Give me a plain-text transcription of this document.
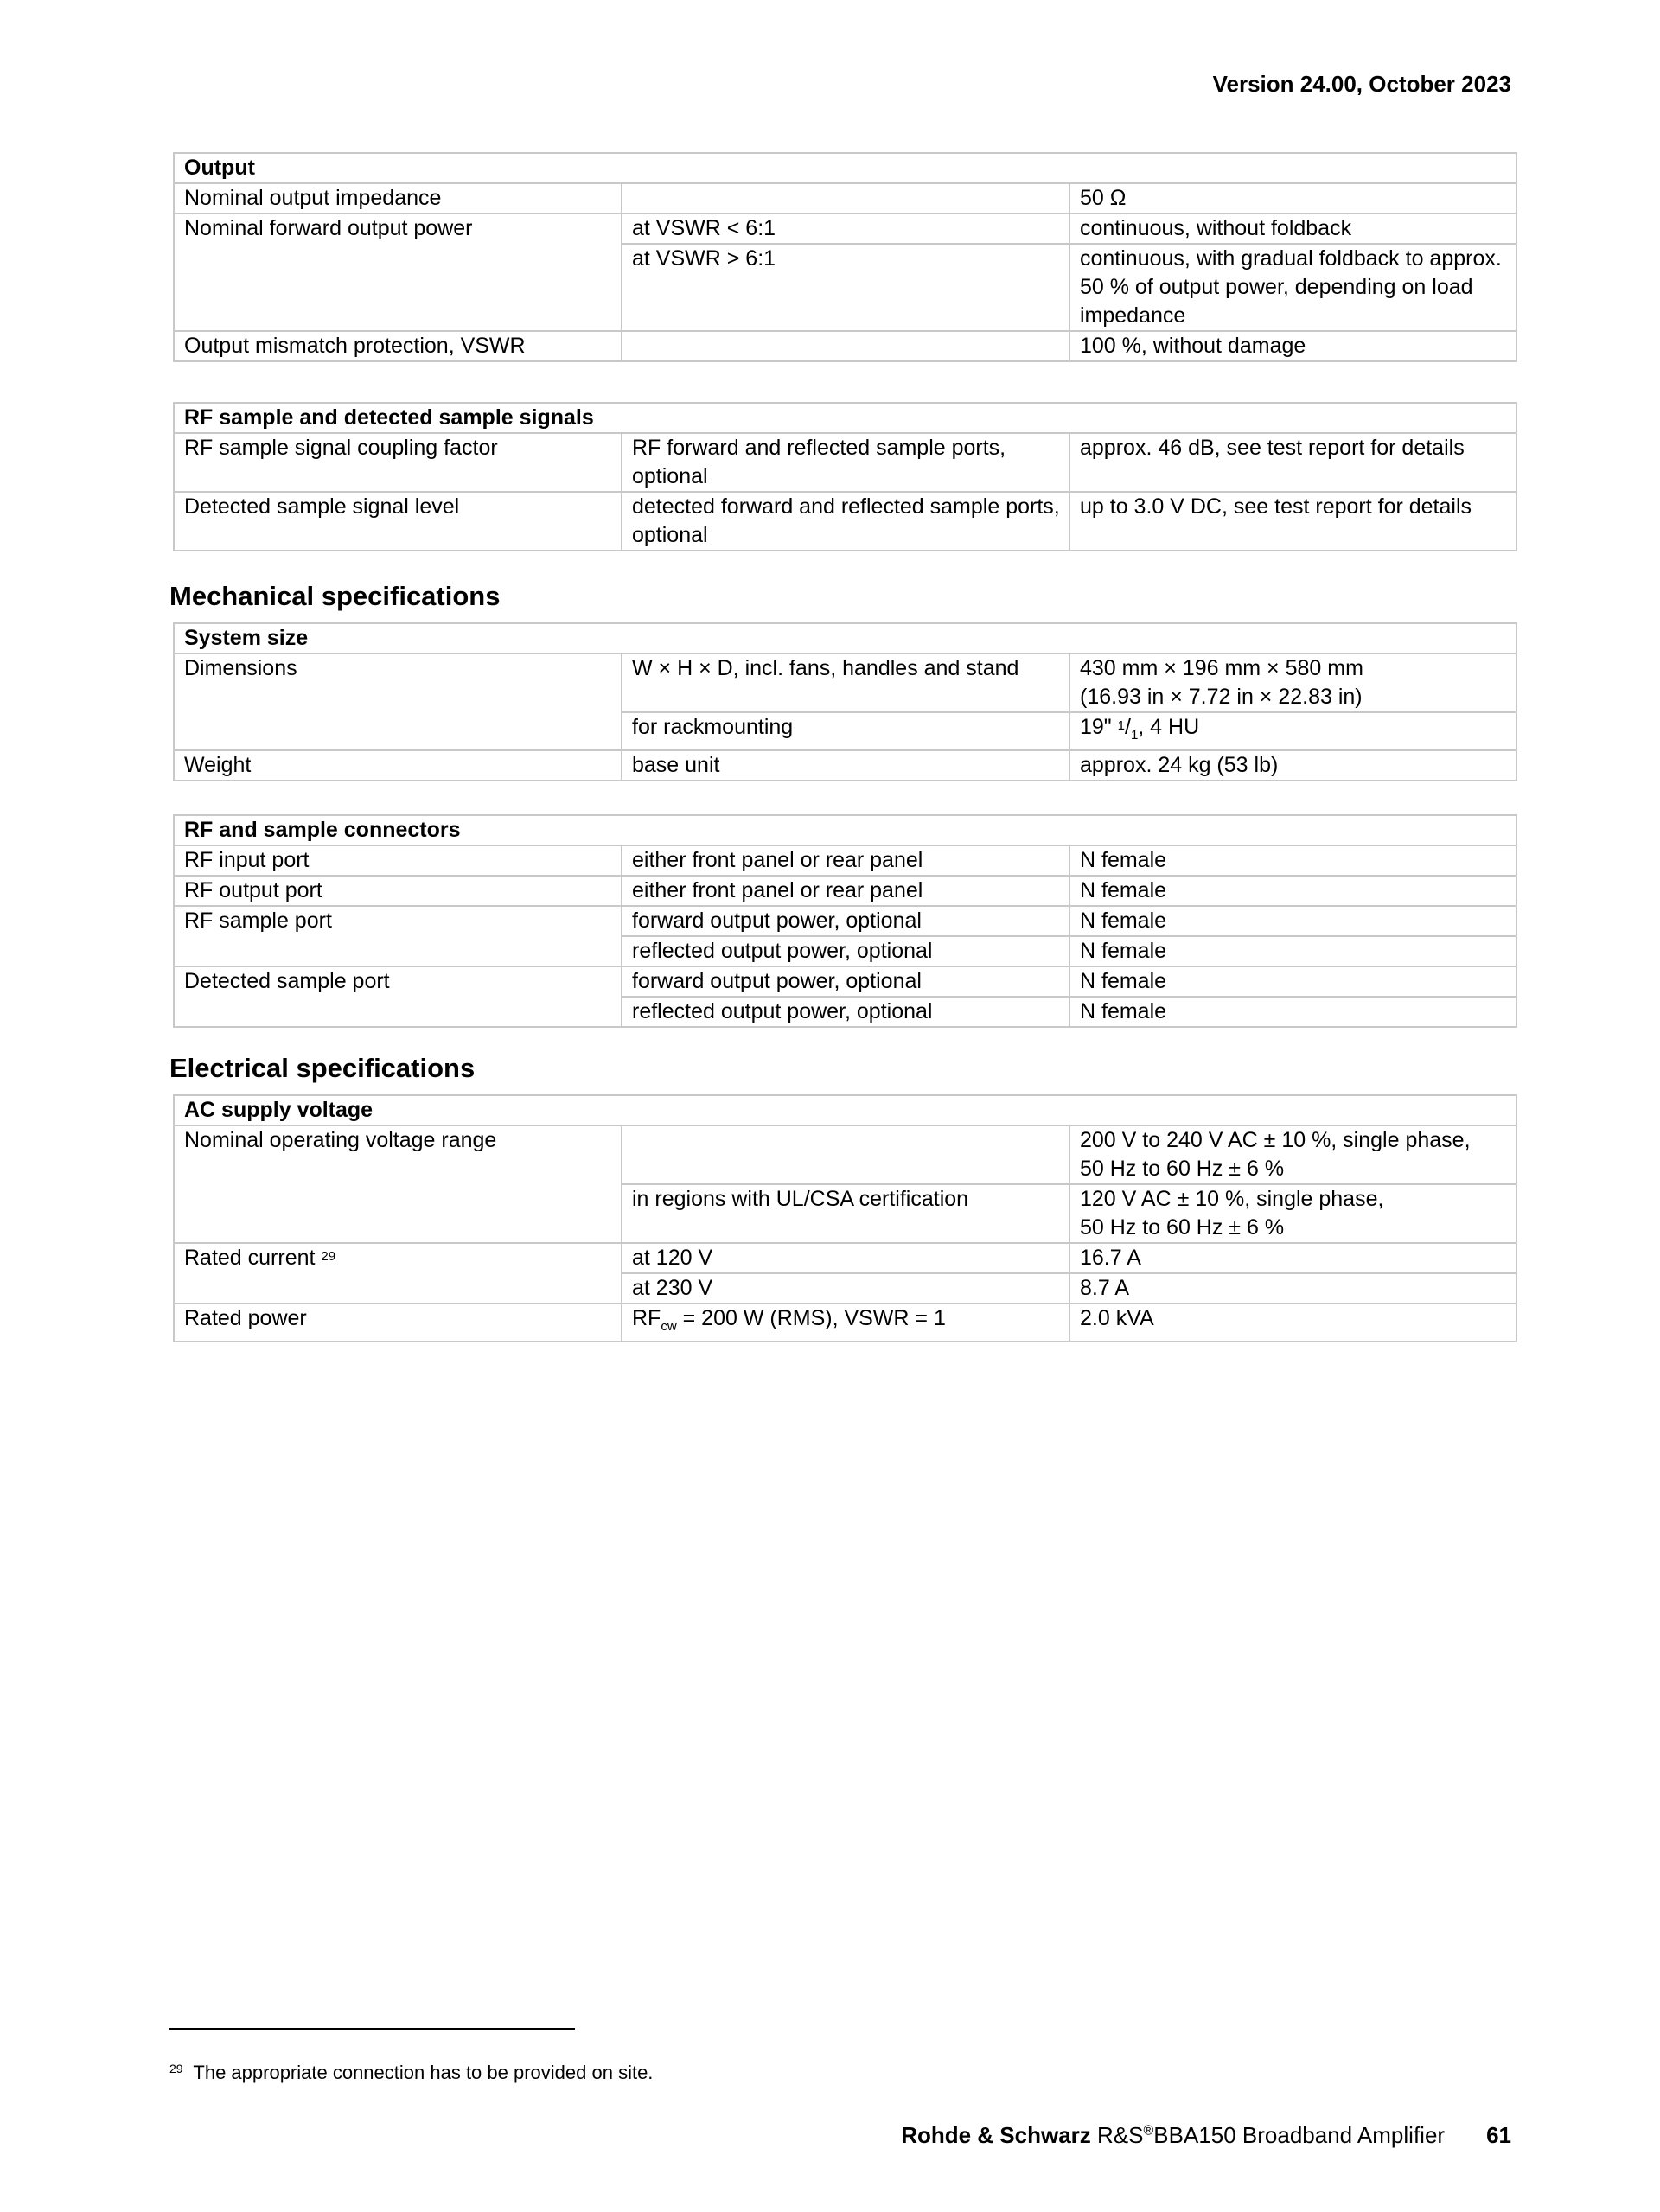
Version 24.00, October 2023
Output		
Nominal output impedance		50 Ω
Nominal forward output power	at VSWR < 6:1	continuous, without foldback
	at VSWR > 6:1	continuous, with gradual foldback to approx. 50 % of output power, depending on load impedance
Output mismatch protection, VSWR		100 %, without damage
RF sample and detected sample signals		
RF sample signal coupling factor	RF forward and reflected sample ports, optional	approx. 46 dB, see test report for details
Detected sample signal level	detected forward and reflected sample ports, optional	up to 3.0 V DC, see test report for details
Mechanical specifications
System size		
Dimensions	W × H × D, incl. fans, handles and stand	430 mm × 196 mm × 580 mm
(16.93 in × 7.72 in × 22.83 in)

	for rackmounting	19" $^1/_1$, 4 HU
Weight	base unit	approx. 24 kg (53 lb)
RF and sample connectors		
RF input port	either front panel or rear panel	N female
RF output port	either front panel or rear panel	N female
RF sample port	forward output power, optional	N female
	reflected output power, optional	N female
Detected sample port	forward output power, optional	N female
	reflected output power, optional	N female
Electrical specifications
AC supply voltage		
Nominal operating voltage range		200 V to 240 V AC ± 10 %, single phase,
50 Hz to 60 Hz ± 6 %

	in regions with UL/CSA certification	120 V AC ± 10 %, single phase,
50 Hz to 60 Hz ± 6 %

Rated current $^{29}$	at 120 V	16.7 A
	at 230 V	8.7 A
Rated power	$RF_{cw} = 200$ W (RMS), VSWR = 1	2.0 kVA
$^{29}$ The appropriate connection has to be provided on site.
Rohde & Schwarz R&S®BBA150 Broadband Amplifier 61
